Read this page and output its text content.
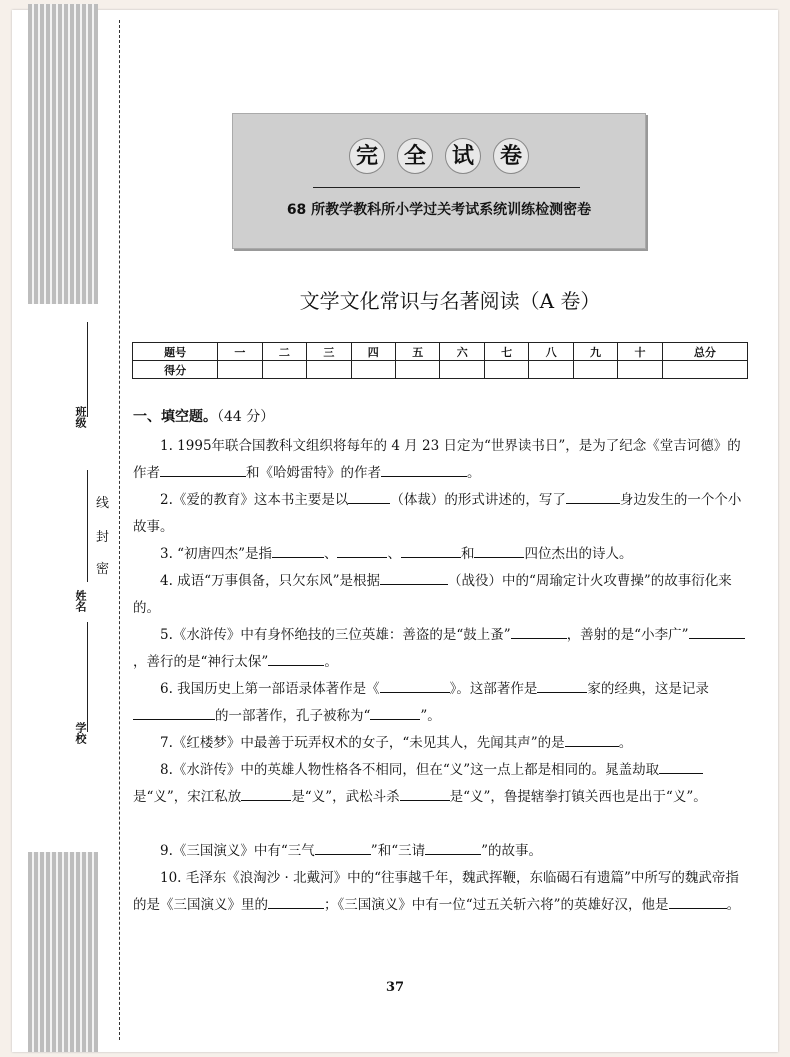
班级
姓名
学校
线
封
密
完 全 试 卷
68 所教学教科所小学过关考试系统训练检测密卷
文学文化常识与名著阅读（A 卷）
题号	一	二	三	四	五	六	七	八	九	十	总分
得分											
一、填空题。（44 分）
1. 1995年联合国教科文组织将每年的 4 月 23 日定为“世界读书日”，是为了纪念《堂吉诃德》的作者	和《哈姆雷特》的作者	。
2.《爱的教育》这本书主要是以	（体裁）的形式讲述的，写了	身边发生的一个个小故事。
3. “初唐四杰”是指	、	、	和	四位杰出的诗人。
4. 成语“万事俱备，只欠东风”是根据	（战役）中的“周瑜定计火攻曹操”的故事衍化来的。
5.《水浒传》中有身怀绝技的三位英雄：善盗的是“鼓上蚤”	，善射的是“小李广”，善行的是“神行太保”	。
6. 我国历史上第一部语录体著作是《	》。这部著作是	家的经典，这是记录的一部著作，孔子被称为“	”。
7.《红楼梦》中最善于玩弄权术的女子，“未见其人，先闻其声”的是	。
8.《水浒传》中的英雄人物性格各不相同，但在“义”这一点上都是相同的。晁盖劫取是“义”，宋江私放	是“义”，武松斗杀	是“义”，鲁提辖拳打镇关西也是出于“义”。
9.《三国演义》中有“三气	”和“三请	”的故事。
10. 毛泽东《浪淘沙 · 北戴河》中的“往事越千年，魏武挥鞭，东临碣石有遗篇”中所写的魏武帝指的是《三国演义》里的	；《三国演义》中有一位“过五关斩六将”的英雄好汉，他是	。
37
